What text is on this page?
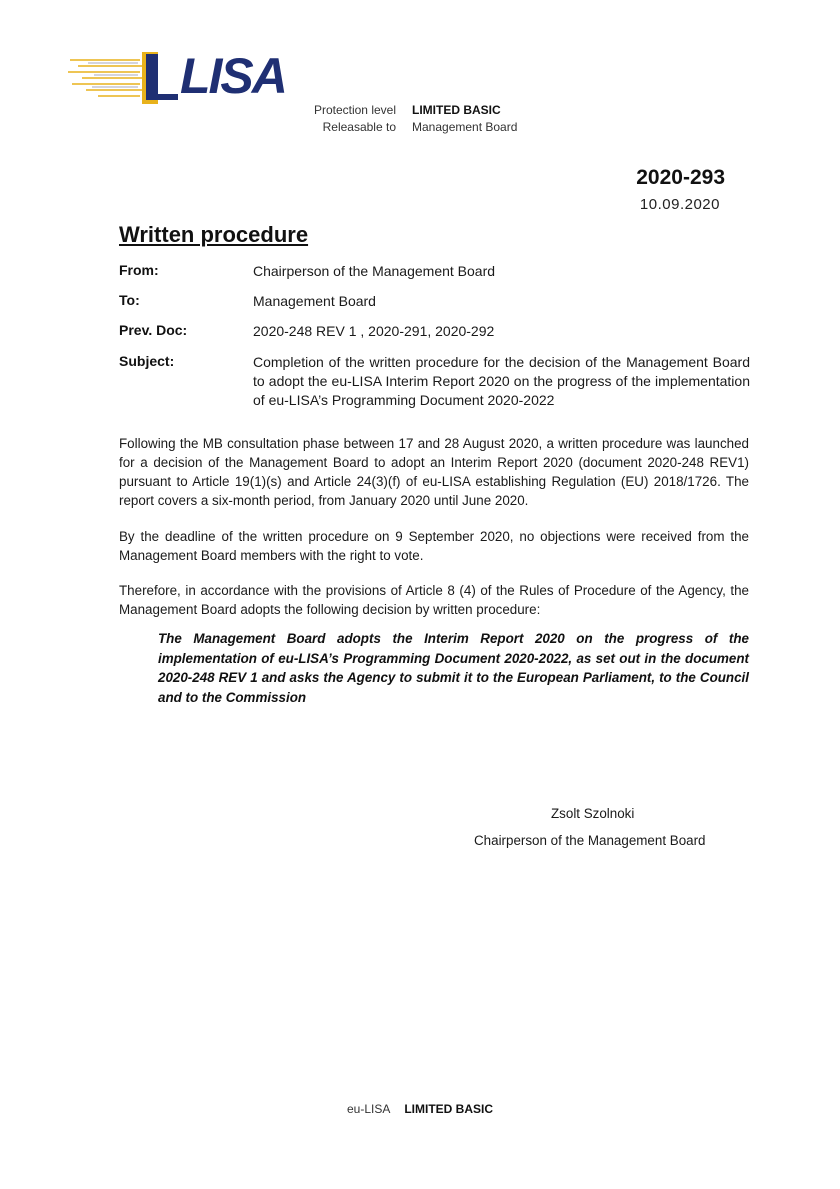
LISA
Protection level LIMITED BASIC
Releasable to Management Board
2020-293
10.09.2020
Written procedure
From:	Chairperson of the Management Board
To:	Management Board
Prev. Doc:	2020-248 REV 1 , 2020-291, 2020-292
Subject:	Completion of the written procedure for the decision of the Management Board to adopt the eu-LISA Interim Report 2020 on the progress of the implementation of eu-LISA’s Programming Document 2020-2022

Following the MB consultation phase between 17 and 28 August 2020, a written procedure was launched for a decision of the Management Board to adopt an Interim Report 2020 (document 2020-248 REV1) pursuant to Article 19(1)(s) and Article 24(3)(f) of eu-LISA establishing Regulation (EU) 2018/1726. The report covers a six-month period, from January 2020 until June 2020.

By the deadline of the written procedure on 9 September 2020, no objections were received from the Management Board members with the right to vote.

Therefore, in accordance with the provisions of Article 8 (4) of the Rules of Procedure of the Agency, the Management Board adopts the following decision by written procedure:

The Management Board adopts the Interim Report 2020 on the progress of the implementation of eu-LISA’s Programming Document 2020-2022, as set out in the document 2020-248 REV 1 and asks the Agency to submit it to the European Parliament, to the Council and to the Commission

Zsolt Szolnoki
Chairperson of the Management Board
eu-LISA LIMITED BASIC
